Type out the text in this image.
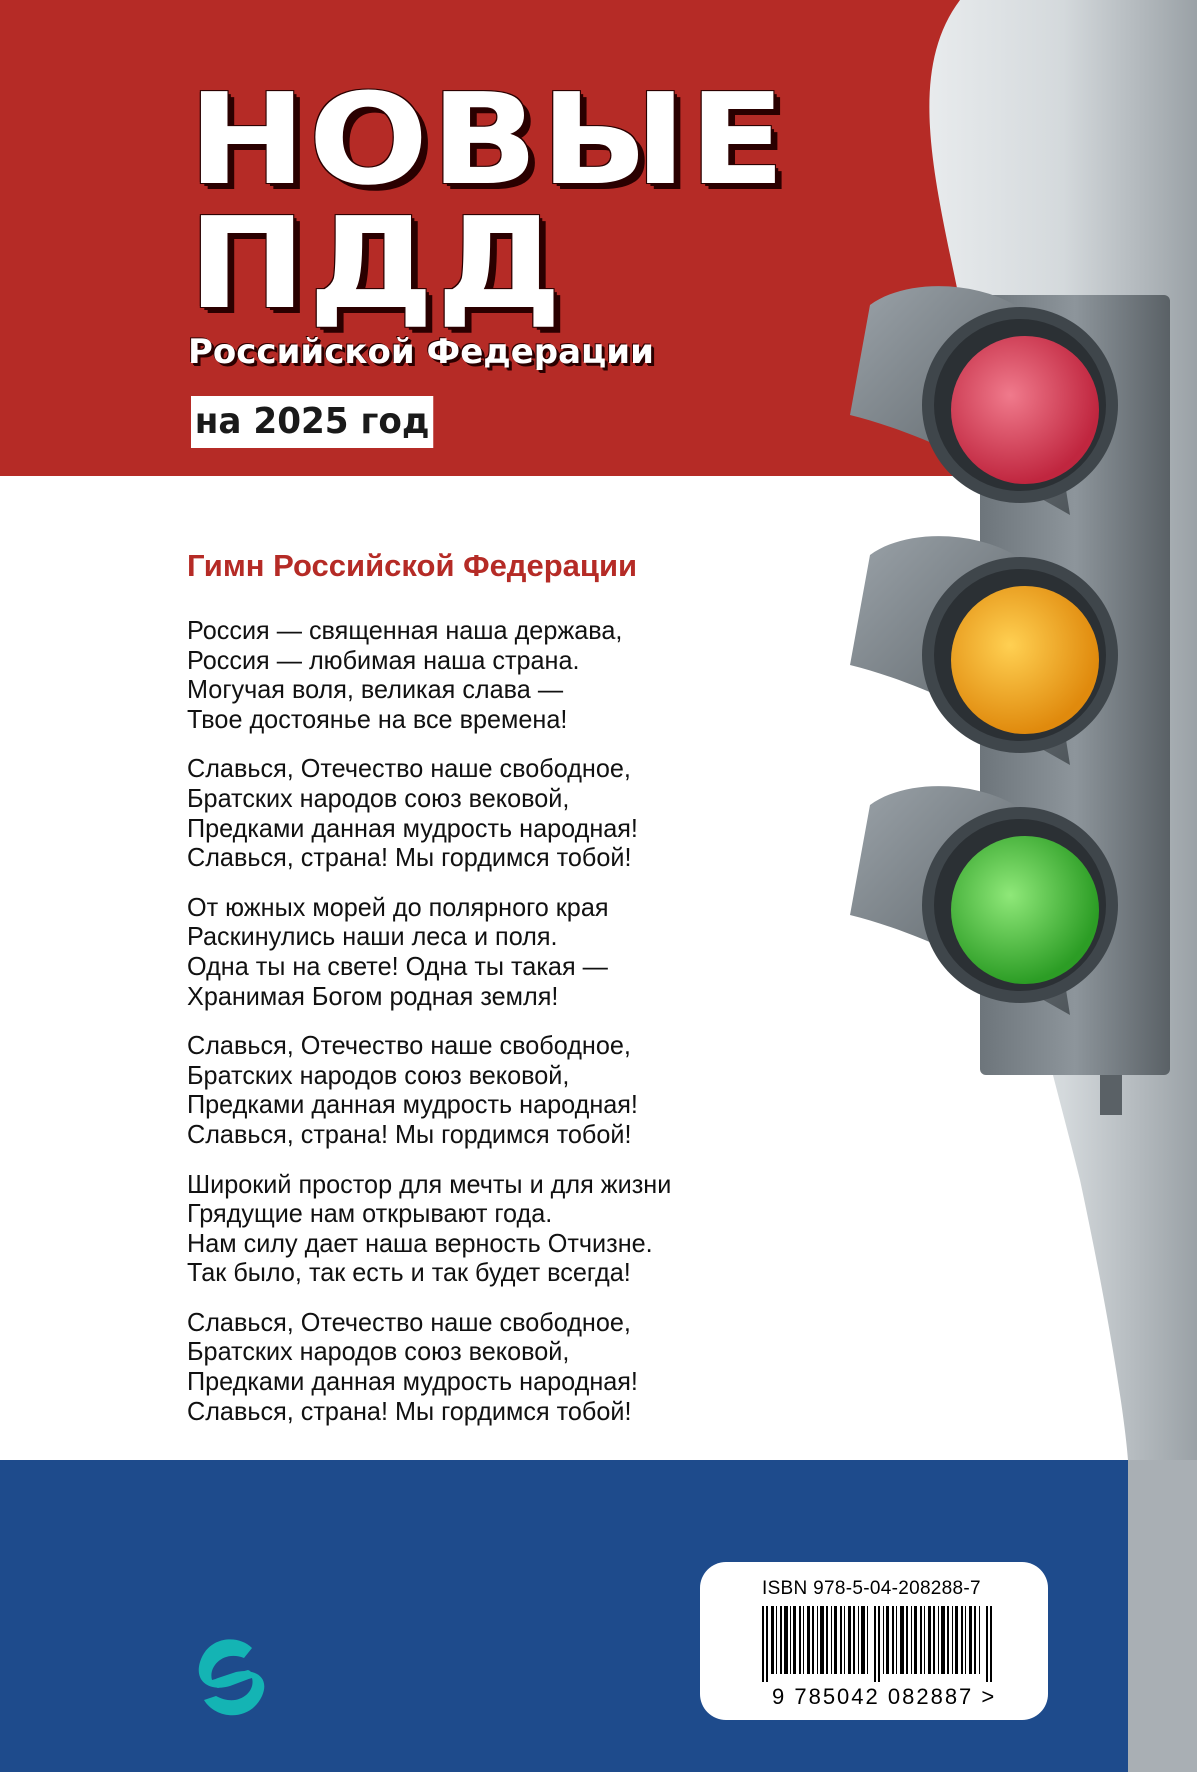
НОВЫЕ
ПДД
Российской Федерации
на 2025 год
Гимн Российской Федерации
Россия — священная наша держава,
Россия — любимая наша страна.
Могучая воля, великая слава —
Твое достоянье на все времена!
Славься, Отечество наше свободное,
Братских народов союз вековой,
Предками данная мудрость народная!
Славься, страна! Мы гордимся тобой!
От южных морей до полярного края
Раскинулись наши леса и поля.
Одна ты на свете! Одна ты такая —
Хранимая Богом родная земля!
Славься, Отечество наше свободное,
Братских народов союз вековой,
Предками данная мудрость народная!
Славься, страна! Мы гордимся тобой!
Широкий простор для мечты и для жизни
Грядущие нам открывают года.
Нам силу дает наша верность Отчизне.
Так было, так есть и так будет всегда!
Славься, Отечество наше свободное,
Братских народов союз вековой,
Предками данная мудрость народная!
Славься, страна! Мы гордимся тобой!
ISBN 978-5-04-208288-7
9 785042 082887 >
